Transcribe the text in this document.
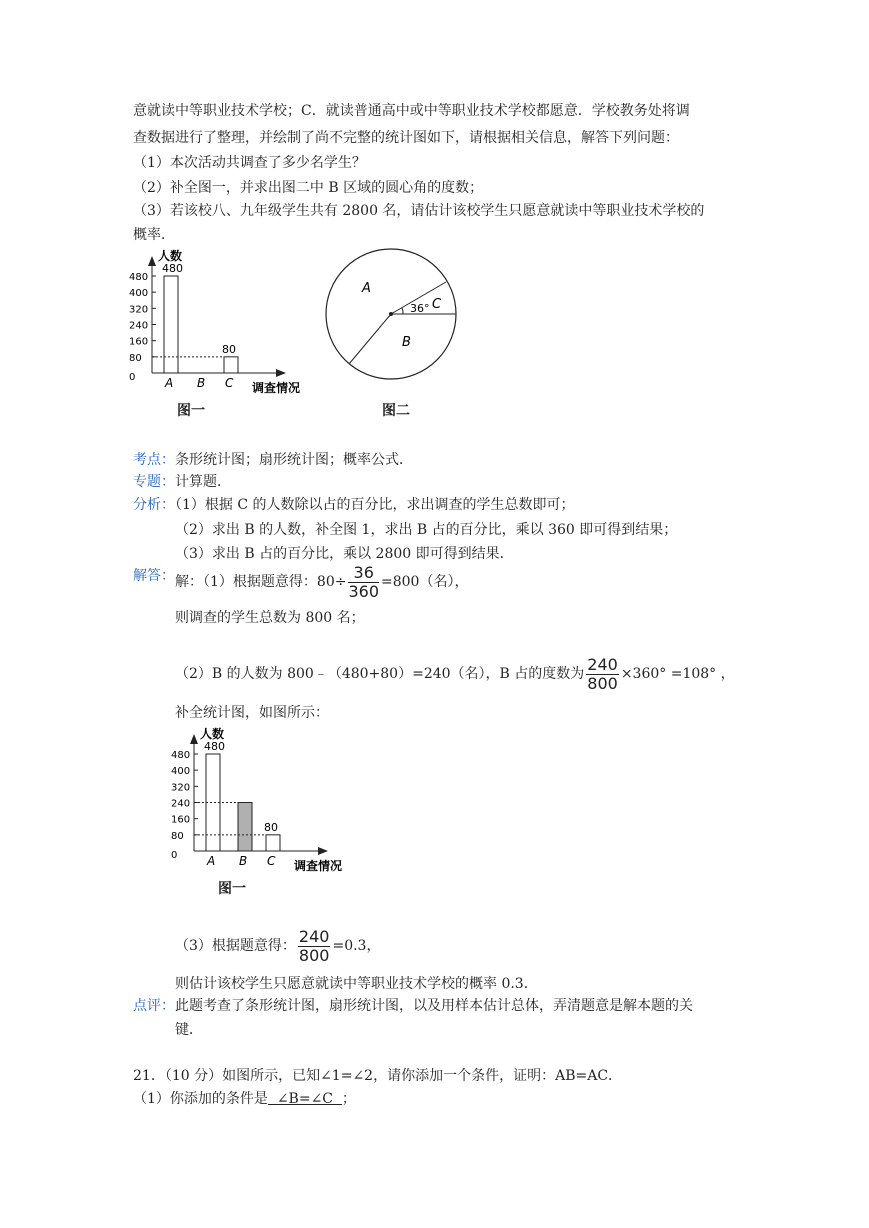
意就读中等职业技术学校；C．就读普通高中或中等职业技术学校都愿意．学校教务处将调
查数据进行了整理，并绘制了尚不完整的统计图如下，请根据相关信息，解答下列问题：
（1）本次活动共调查了多少名学生？
（2）补全图一，并求出图二中 B 区域的圆心角的度数；
（3）若该校八、九年级学生共有 2800 名，请估计该校学生只愿意就读中等职业技术学校的
概率．
人数
调查情况
480
400
320
240
160
80
0
480
80
A B C
图一
A
B
C
36°
图二
考点：条形统计图；扇形统计图；概率公式．
专题：计算题．
分析：（1）根据 C 的人数除以占的百分比，求出调查的学生总数即可；
（2）求出 B 的人数，补全图 1，求出 B 占的百分比，乘以 360 即可得到结果；
（3）求出 B 占的百分比，乘以 2800 即可得到结果．
解答： 解：（1）根据题意得：$80\div \frac{36}{360} =800$（名），
则调查的学生总数为 800 名；
（2）B 的人数为 800﹣（480+80）=240（名），B 占的度数为 $\frac{240}{800} \times 360^\circ =108^\circ$ ，
补全统计图，如图所示：
人数
调查情况
480
400
320
240
160
80
0
480
80
A B C
图一
（3）根据题意得： $\frac{240}{800} =0.3$，
则估计该校学生只愿意就读中等职业技术学校的概率 0.3．
点评：此题考查了条形统计图，扇形统计图，以及用样本估计总体，弄清题意是解本题的关
键．
21．（10 分）如图所示，已知∠1=∠2，请你添加一个条件，证明：AB=AC．
（1）你添加的条件是  ∠B=∠C  ；
